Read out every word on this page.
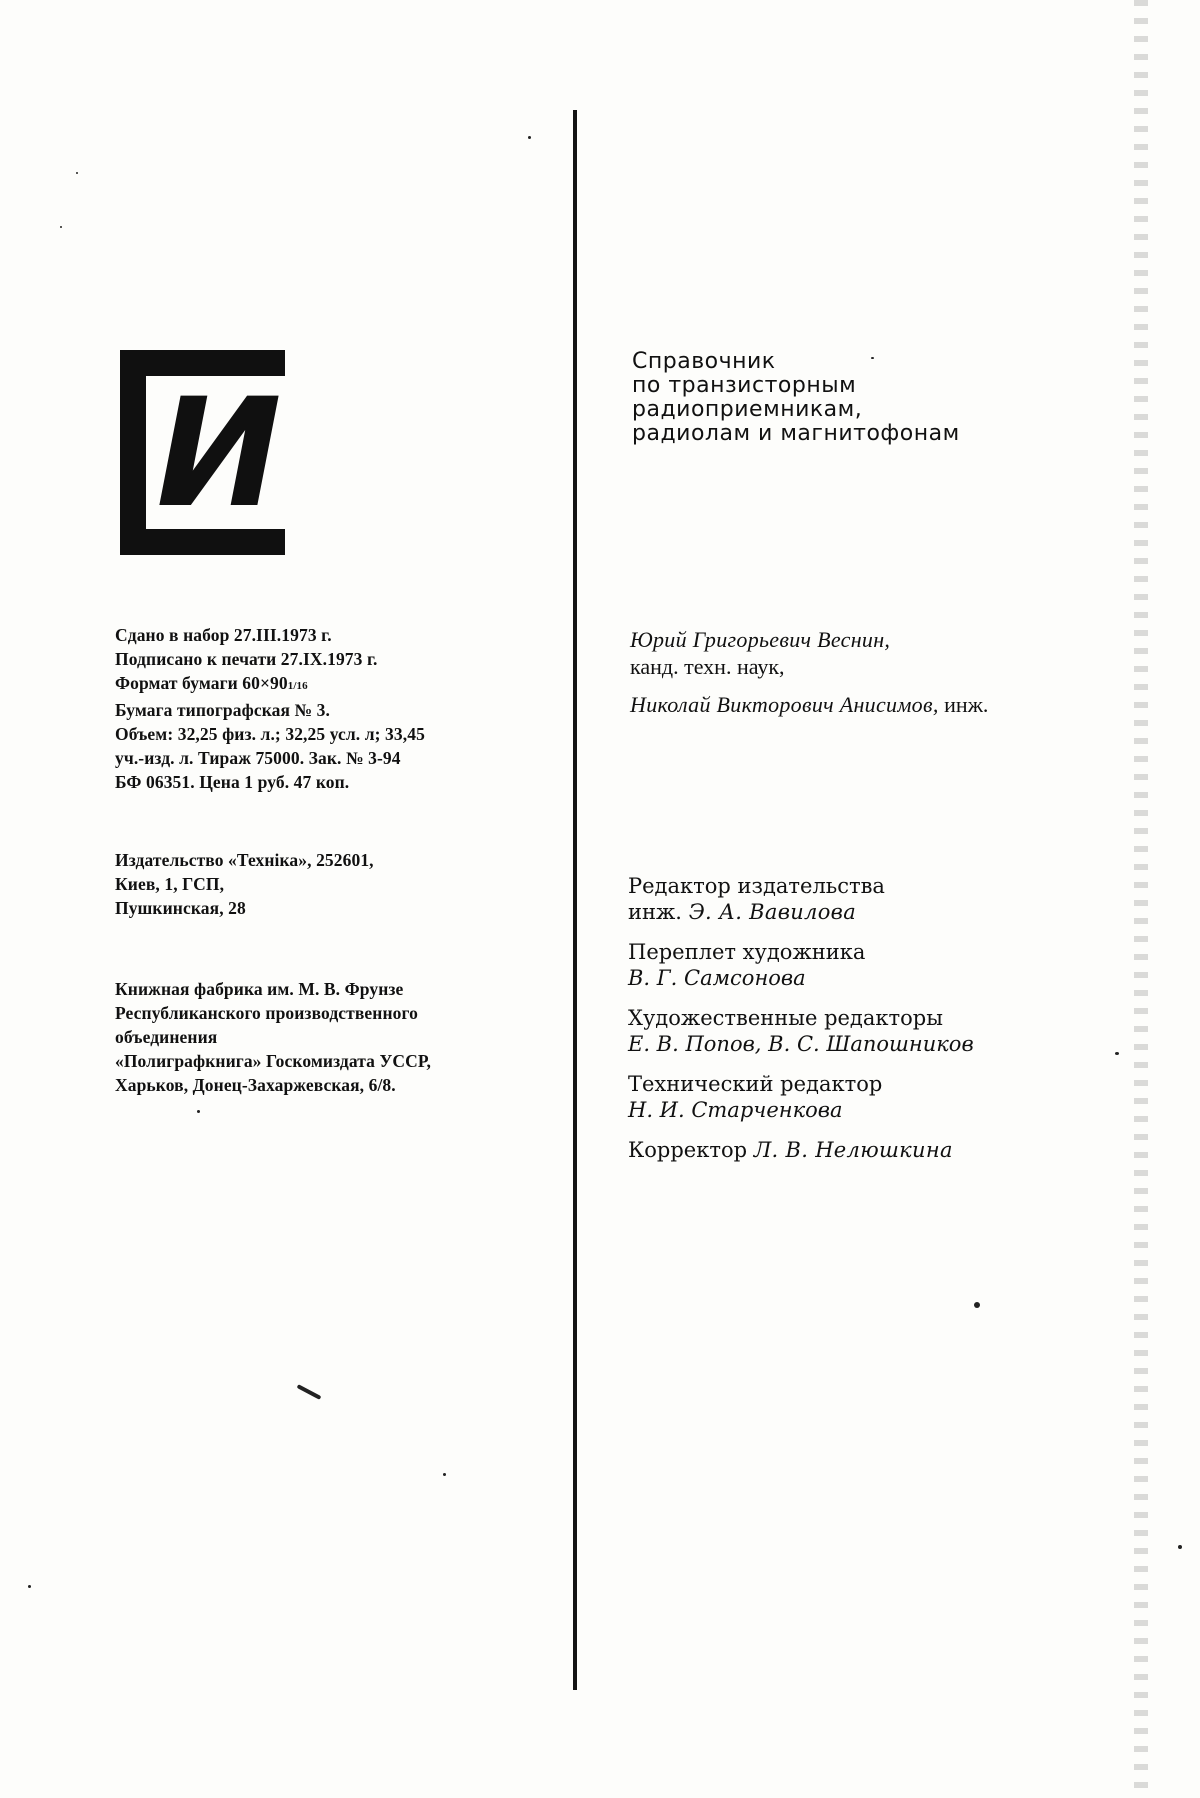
И
Справочник
по транзисторным
радиоприемникам,
радиолам и магнитофонам
Юрий Григорьевич Веснин,
канд. техн. наук,
Николай Викторович Анисимов, инж.
Редактор издательства
инж. Э. А. Вавилова
Переплет художника
В. Г. Самсонова
Художественные редакторы
Е. В. Попов, В. С. Шапошников
Технический редактор
Н. И. Старченкова
Корректор Л. В. Нелюшкина
Сдано в набор 27.III.1973 г.
Подписано к печати 27.IX.1973 г.
Формат бумаги 60×901/16
Бумага типографская № 3.
Объем: 32,25 физ. л.; 32,25 усл. л; 33,45
уч.-изд. л. Тираж 75000. Зак. № 3-94
БФ 06351. Цена 1 руб. 47 коп.
Издательство «Техніка», 252601,
Киев, 1, ГСП,
Пушкинская, 28
Книжная фабрика им. М. В. Фрунзе
Республиканского производственного
объединения
«Полиграфкнига» Госкомиздата УССР,
Харьков, Донец-Захаржевская, 6/8.
